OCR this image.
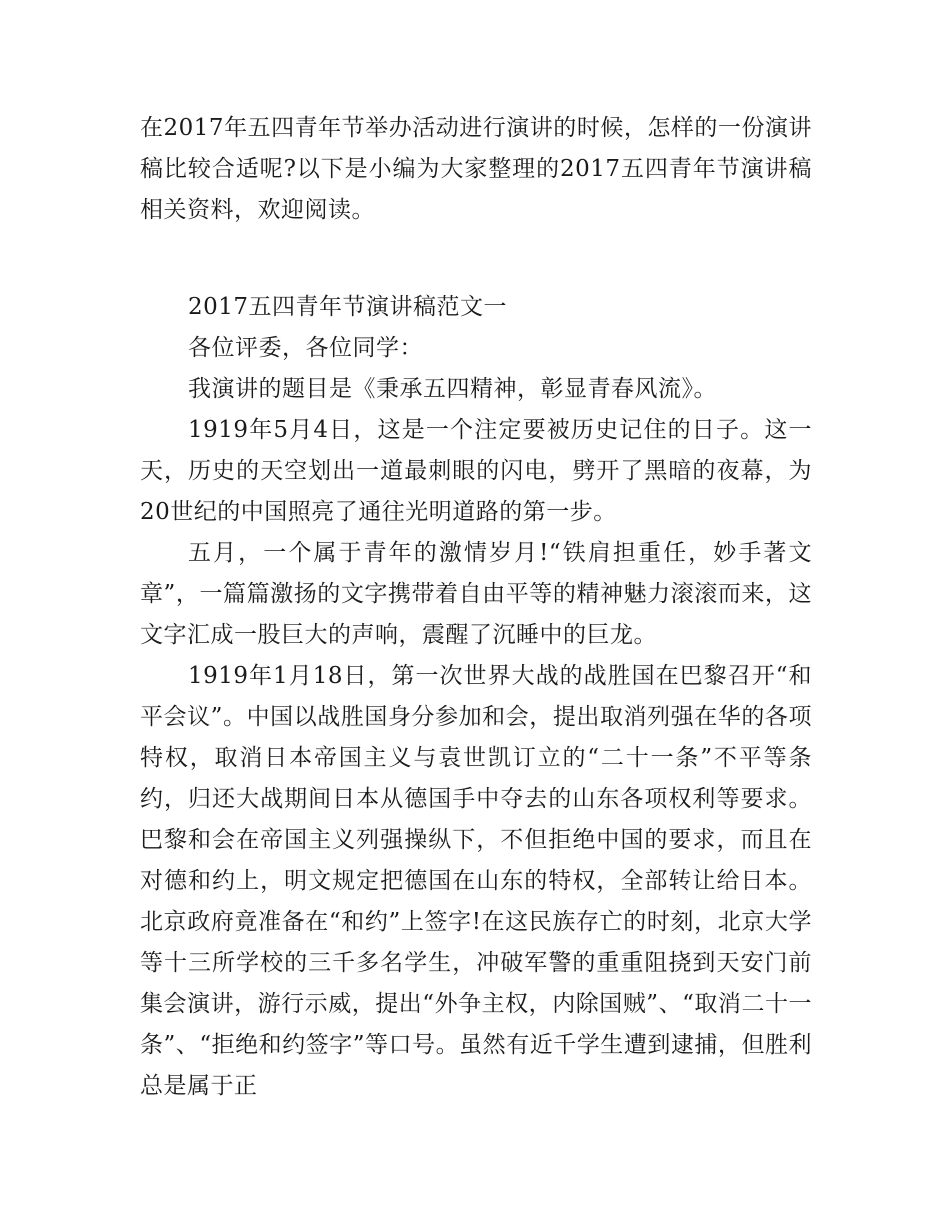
在2017年五四青年节举办活动进行演讲的时候，怎样的一份演讲稿比较合适呢?以下是小编为大家整理的2017五四青年节演讲稿相关资料，欢迎阅读。

2017五四青年节演讲稿范文一

各位评委，各位同学：

我演讲的题目是《秉承五四精神，彰显青春风流》。

1919年5月4日，这是一个注定要被历史记住的日子。这一天，历史的天空划出一道最刺眼的闪电，劈开了黑暗的夜幕，为20世纪的中国照亮了通往光明道路的第一步。

五月，一个属于青年的激情岁月!“铁肩担重任，妙手著文章”，一篇篇激扬的文字携带着自由平等的精神魅力滚滚而来，这文字汇成一股巨大的声响，震醒了沉睡中的巨龙。

1919年1月18日，第一次世界大战的战胜国在巴黎召开“和平会议”。中国以战胜国身分参加和会，提出取消列强在华的各项特权，取消日本帝国主义与袁世凯订立的“二十一条”不平等条约，归还大战期间日本从德国手中夺去的山东各项权利等要求。巴黎和会在帝国主义列强操纵下，不但拒绝中国的要求，而且在对德和约上，明文规定把德国在山东的特权，全部转让给日本。北京政府竟准备在“和约”上签字!在这民族存亡的时刻，北京大学等十三所学校的三千多名学生，冲破军警的重重阻挠到天安门前集会演讲，游行示威，提出“外争主权，内除国贼”、“取消二十一条”、“拒绝和约签字”等口号。虽然有近千学生遭到逮捕，但胜利总是属于正
